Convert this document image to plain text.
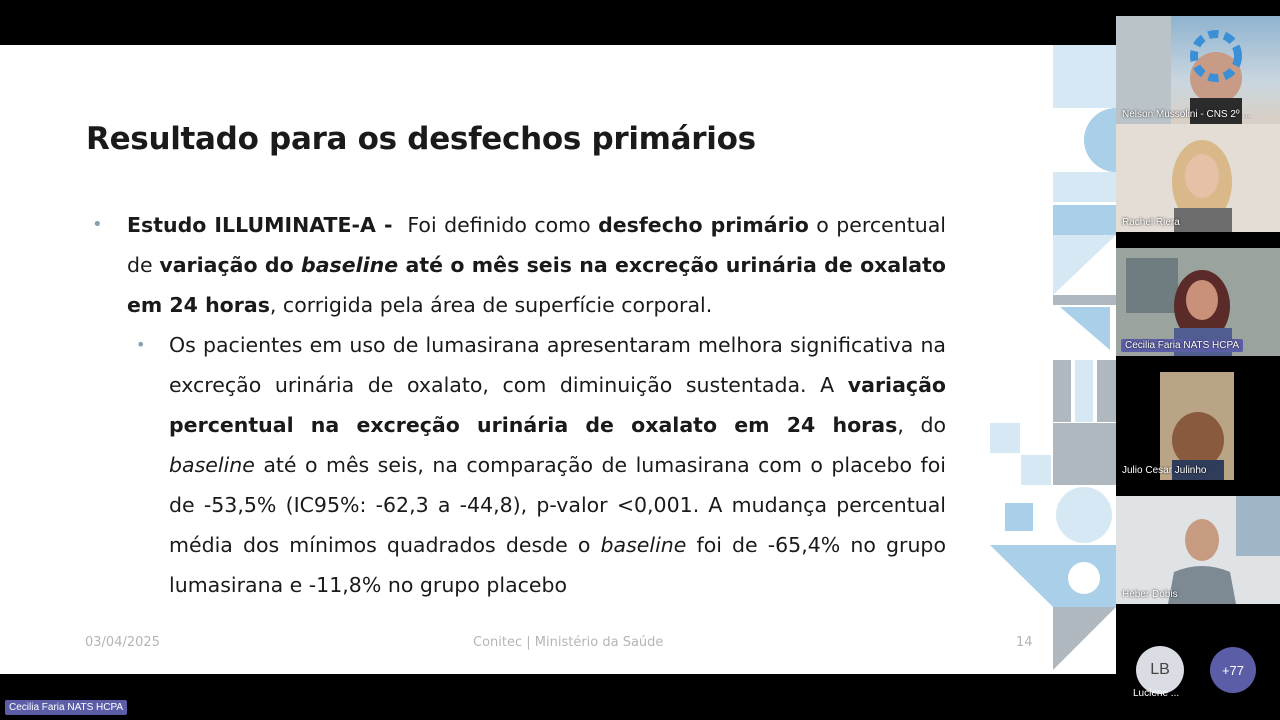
Resultado para os desfechos primários
• Estudo ILLUMINATE-A -  Foi definido como desfecho primário o percentual de variação do baseline até o mês seis na excreção urinária de oxalato em 24 horas, corrigida pela área de superfície corporal.
• Os pacientes em uso de lumasirana apresentaram melhora significativa na excreção urinária de oxalato, com diminuição sustentada. A variação percentual na excreção urinária de oxalato em 24 horas, do baseline até o mês seis, na comparação de lumasirana com o placebo foi de -53,5% (IC95%: -62,3 a -44,8), p-valor <0,001. A mudança percentual média dos mínimos quadrados desde o baseline foi de -65,4% no grupo lumasirana e -11,8% no grupo placebo
03/04/2025	Conitec | Ministério da Saúde	14
Nelson Mussolini - CNS 2º ...
Rachel Riera
Cecilia Faria NATS HCPA
Julio Cesar Julinho
Heber Dobis
LB
Luciene ...
+77
Cecilia Faria NATS HCPA
